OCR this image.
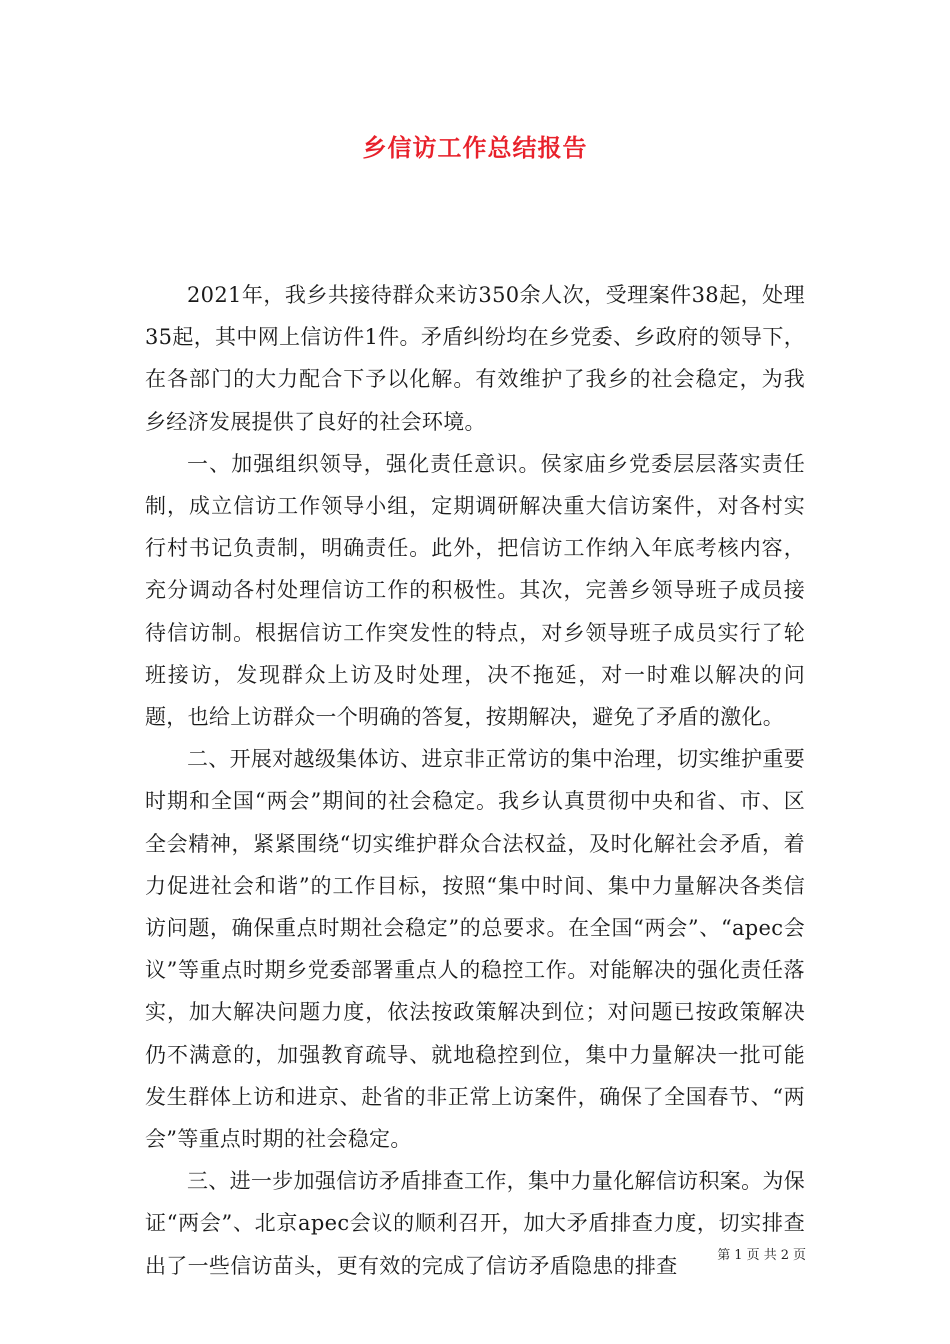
乡信访工作总结报告

2021年，我乡共接待群众来访350余人次，受理案件38起，处理35起，其中网上信访件1件。矛盾纠纷均在乡党委、乡政府的领导下，在各部门的大力配合下予以化解。有效维护了我乡的社会稳定，为我乡经济发展提供了良好的社会环境。

一、加强组织领导，强化责任意识。侯家庙乡党委层层落实责任制，成立信访工作领导小组，定期调研解决重大信访案件，对各村实行村书记负责制，明确责任。此外，把信访工作纳入年底考核内容，充分调动各村处理信访工作的积极性。其次，完善乡领导班子成员接待信访制。根据信访工作突发性的特点，对乡领导班子成员实行了轮班接访，发现群众上访及时处理，决不拖延，对一时难以解决的问题，也给上访群众一个明确的答复，按期解决，避免了矛盾的激化。

二、开展对越级集体访、进京非正常访的集中治理，切实维护重要时期和全国“两会”期间的社会稳定。我乡认真贯彻中央和省、市、区全会精神，紧紧围绕“切实维护群众合法权益，及时化解社会矛盾，着力促进社会和谐”的工作目标，按照“集中时间、集中力量解决各类信访问题，确保重点时期社会稳定”的总要求。在全国“两会”、“apec会议”等重点时期乡党委部署重点人的稳控工作。对能解决的强化责任落实，加大解决问题力度，依法按政策解决到位；对问题已按政策解决仍不满意的，加强教育疏导、就地稳控到位，集中力量解决一批可能发生群体上访和进京、赴省的非正常上访案件，确保了全国春节、“两会”等重点时期的社会稳定。

三、进一步加强信访矛盾排查工作，集中力量化解信访积案。为保证“两会”、北京apec会议的顺利召开，加大矛盾排查力度，切实排查出了一些信访苗头，更有效的完成了信访矛盾隐患的排查	第 1 页 共 2 页
